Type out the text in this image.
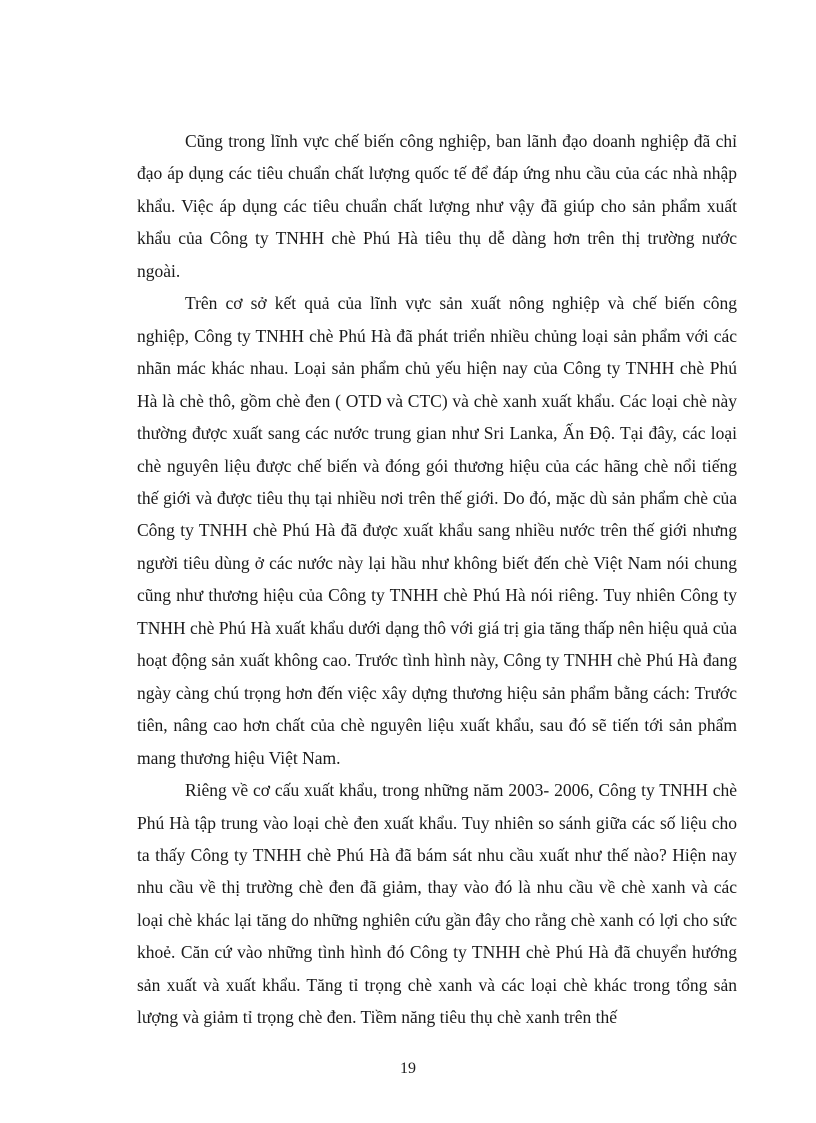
Cũng trong lĩnh vực chế biến công nghiệp, ban lãnh đạo doanh nghiệp đã chỉ đạo áp dụng các tiêu chuẩn chất lượng quốc tế để đáp ứng nhu cầu của các nhà nhập khẩu. Việc áp dụng các tiêu chuẩn chất lượng như vậy đã giúp cho sản phẩm xuất khẩu của Công ty TNHH chè Phú Hà tiêu thụ dễ dàng hơn trên thị trường nước ngoài.

Trên cơ sở kết quả của lĩnh vực sản xuất nông nghiệp và chế biến công nghiệp, Công ty TNHH chè Phú Hà đã phát triển nhiều chủng loại sản phẩm với các nhãn mác khác nhau. Loại sản phẩm chủ yếu hiện nay của Công ty TNHH chè Phú Hà là chè thô, gồm chè đen ( OTD và CTC) và chè xanh xuất khẩu. Các loại chè này thường được xuất sang các nước trung gian như Sri Lanka, Ấn Độ. Tại đây, các loại chè nguyên liệu được chế biến và đóng gói thương hiệu của các hãng chè nổi tiếng thế giới và được tiêu thụ tại nhiều nơi trên thế giới. Do đó, mặc dù sản phẩm chè của Công ty TNHH chè Phú Hà đã được xuất khẩu sang nhiều nước trên thế giới nhưng người tiêu dùng ở các nước này lại hầu như không biết đến chè Việt Nam nói chung cũng như thương hiệu của Công ty TNHH chè Phú Hà nói riêng. Tuy nhiên Công ty TNHH chè Phú Hà xuất khẩu dưới dạng thô với giá trị gia tăng thấp nên hiệu quả của hoạt động sản xuất không cao. Trước tình hình này, Công ty TNHH chè Phú Hà đang ngày càng chú trọng hơn đến việc xây dựng thương hiệu sản phẩm bằng cách: Trước tiên, nâng cao hơn chất của chè nguyên liệu xuất khẩu, sau đó sẽ tiến tới sản phẩm mang thương hiệu Việt Nam.

Riêng về cơ cấu xuất khẩu, trong những năm 2003- 2006, Công ty TNHH chè Phú Hà tập trung vào loại chè đen xuất khẩu. Tuy nhiên so sánh giữa các số liệu cho ta thấy Công ty TNHH chè Phú Hà đã bám sát nhu cầu xuất như thế nào? Hiện nay nhu cầu về thị trường chè đen đã giảm, thay vào đó là nhu cầu về chè xanh và các loại chè khác lại tăng do những nghiên cứu gần đây cho rằng chè xanh có lợi cho sức khoẻ. Căn cứ vào những tình hình đó Công ty TNHH chè Phú Hà đã chuyển hướng sản xuất và xuất khẩu. Tăng tỉ trọng chè xanh và các loại chè khác trong tổng sản lượng và giảm tỉ trọng chè đen. Tiềm năng tiêu thụ chè xanh trên thế

19
